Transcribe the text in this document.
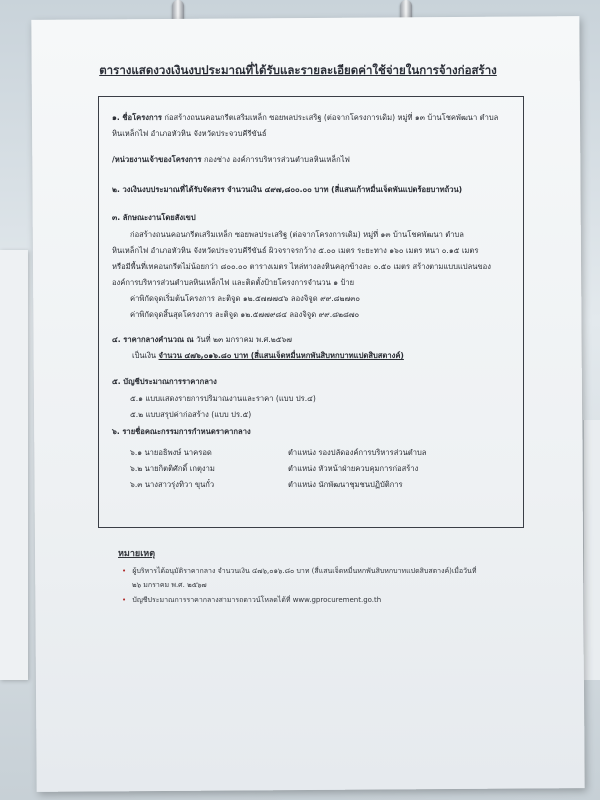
ตารางแสดงวงเงินงบประมาณที่ได้รับและรายละเอียดค่าใช้จ่ายในการจ้างก่อสร้าง
๑. ชื่อโครงการ ก่อสร้างถนนคอนกรีตเสริมเหล็ก ซอยพลประเสริฐ (ต่อจากโครงการเดิม) หมู่ที่ ๑๓ บ้านโชคพัฒนา ตำบล
หินเหล็กไฟ อำเภอหัวหิน จังหวัดประจวบคีรีขันธ์
/หน่วยงานเจ้าของโครงการ กองช่าง องค์การบริหารส่วนตำบลหินเหล็กไฟ
๒. วงเงินงบประมาณที่ได้รับจัดสรร จำนวนเงิน ๔๙๗,๘๐๐.๐๐ บาท (สี่แสนเก้าหมื่นเจ็ดพันแปดร้อยบาทถ้วน)
๓. ลักษณะงานโดยสังเขป
ก่อสร้างถนนคอนกรีตเสริมเหล็ก ซอยพลประเสริฐ (ต่อจากโครงการเดิม) หมู่ที่ ๑๓ บ้านโชคพัฒนา ตำบล
หินเหล็กไฟ อำเภอหัวหิน จังหวัดประจวบคีรีขันธ์ ผิวจราจรกว้าง ๕.๐๐ เมตร ระยะทาง ๑๖๐ เมตร หนา ๐.๑๕ เมตร
หรือมีพื้นที่เทคอนกรีตไม่น้อยกว่า ๘๐๐.๐๐ ตารางเมตร ไหล่ทางลงหินคลุกข้างละ ๐.๕๐ เมตร สร้างตามแบบแปลนของ
องค์การบริหารส่วนตำบลหินเหล็กไฟ และติดตั้งป้ายโครงการจำนวน ๑ ป้าย
ค่าพิกัดจุดเริ่มต้นโครงการ ละติจูด ๑๒.๕๗๗๗๔๖ ลองจิจูด ๙๙.๘๒๗๓๐
ค่าพิกัดจุดสิ้นสุดโครงการ ละติจูด ๑๒.๕๗๗๙๘๔ ลองจิจูด ๙๙.๘๒๘๗๐
๔. ราคากลางคำนวณ ณ วันที่ ๒๓ มกราคม พ.ศ.๒๕๖๗
เป็นเงิน จำนวน ๔๗๖,๐๑๖.๘๐ บาท (สี่แสนเจ็ดหมื่นหกพันสิบหกบาทแปดสิบสตางค์)
๕. บัญชีประมาณการราคากลาง
๕.๑ แบบแสดงรายการปริมาณงานและราคา (แบบ ปร.๔)
๕.๒ แบบสรุปค่าก่อสร้าง (แบบ ปร.๕)
๖. รายชื่อคณะกรรมการกำหนดราคากลาง
๖.๑ นายอธิพงษ์ นาครอด	ตำแหน่ง รองปลัดองค์การบริหารส่วนตำบล
๖.๒ นายกิตติศักดิ์ เกตุงาม	ตำแหน่ง หัวหน้าฝ่ายควบคุมการก่อสร้าง
๖.๓ นางสาวรุ่งทิวา ขุนกั๋ว	ตำแหน่ง นักพัฒนาชุมชนปฏิบัติการ
หมายเหตุ
• ผู้บริหารได้อนุมัติราคากลาง จำนวนเงิน ๔๗๖,๐๑๖.๘๐ บาท (สี่แสนเจ็ดหมื่นหกพันสิบหกบาทแปดสิบสตางค์)เมื่อวันที่
๒๖ มกราคม พ.ศ. ๒๕๖๗
• บัญชีประมาณการราคากลางสามารถดาวน์โหลดได้ที่ www.gprocurement.go.th
